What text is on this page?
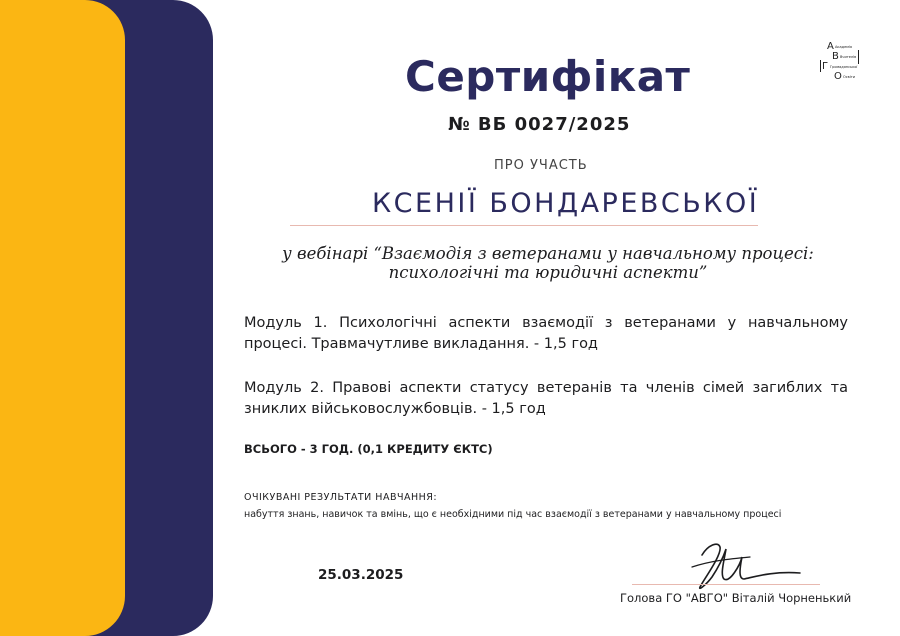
А Академія
В Вчителів
Г Громадянської
О Освіти
Сертифікат
№ ВБ 0027/2025
ПРО УЧАСТЬ
КСЕНІЇ БОНДАРЕВСЬКОЇ
у вебінарі “Взаємодія з ветеранами у навчальному процесі:
психологічні та юридичні аспекти”
Модуль 1. Психологічні аспекти взаємодії з ветеранами у навчальному процесі. Травмачутливе викладання. - 1,5 год
Модуль 2. Правові аспекти статусу ветеранів та членів сімей загиблих та зниклих військовослужбовців. - 1,5 год
ВСЬОГО - 3 ГОД. (0,1 КРЕДИТУ ЄКТС)
ОЧІКУВАНІ РЕЗУЛЬТАТИ НАВЧАННЯ:
набуття знань, навичок та вмінь, що є необхідними під час взаємодії з ветеранами у навчальному процесі
25.03.2025
Голова ГО "АВГО" Віталій Чорненький
